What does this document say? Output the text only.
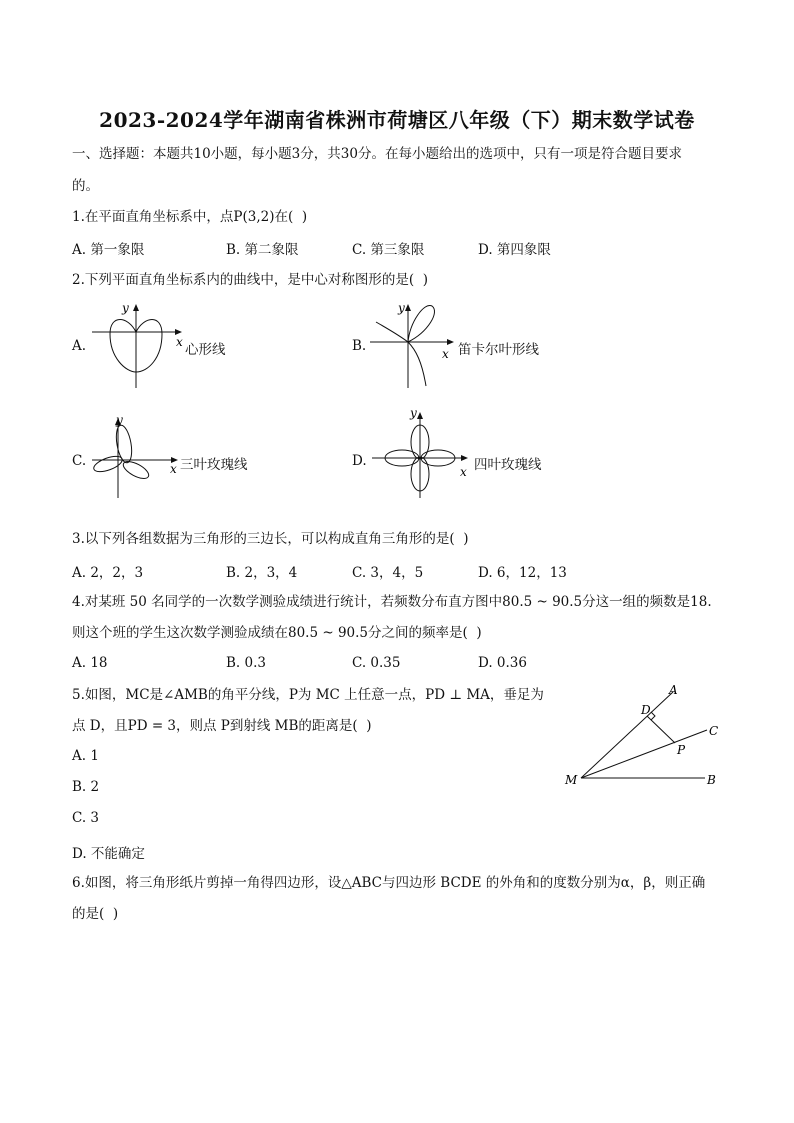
2023-2024学年湖南省株洲市荷塘区八年级（下）期末数学试卷
一、选择题：本题共10小题，每小题3分，共30分。在每小题给出的选项中，只有一项是符合题目要求
的。
1.在平面直角坐标系中，点P(3,2)在(  )
A. 第一象限	B. 第二象限	C. 第三象限	D. 第四象限
2.下列平面直角坐标系内的曲线中，是中心对称图形的是(  )
A.
y
x 心形线	B.
y
x 笛卡尔叶形线
C.
y
x 三叶玫瑰线	D.
y
x 四叶玫瑰线
3.以下列各组数据为三角形的三边长，可以构成直角三角形的是(  )
A. 2，2，3	B. 2，3，4	C. 3，4，5	D. 6，12，13
4.对某班 50 名同学的一次数学测验成绩进行统计，若频数分布直方图中80.5 ~ 90.5分这一组的频数是18.
则这个班的学生这次数学测验成绩在80.5 ~ 90.5分之间的频率是(  )
A. 18	B. 0.3	C. 0.35	D. 0.36
5.如图，MC是∠AMB的角平分线，P为 MC 上任意一点，PD ⊥ MA，垂足为
点 D，且PD = 3，则点 P到射线 MB的距离是(  )
A. 1
B. 2
C. 3
D. 不能确定
A
D
C
P
M	B
6.如图，将三角形纸片剪掉一角得四边形，设△ABC与四边形 BCDE 的外角和的度数分别为α，β，则正确
的是(  )
